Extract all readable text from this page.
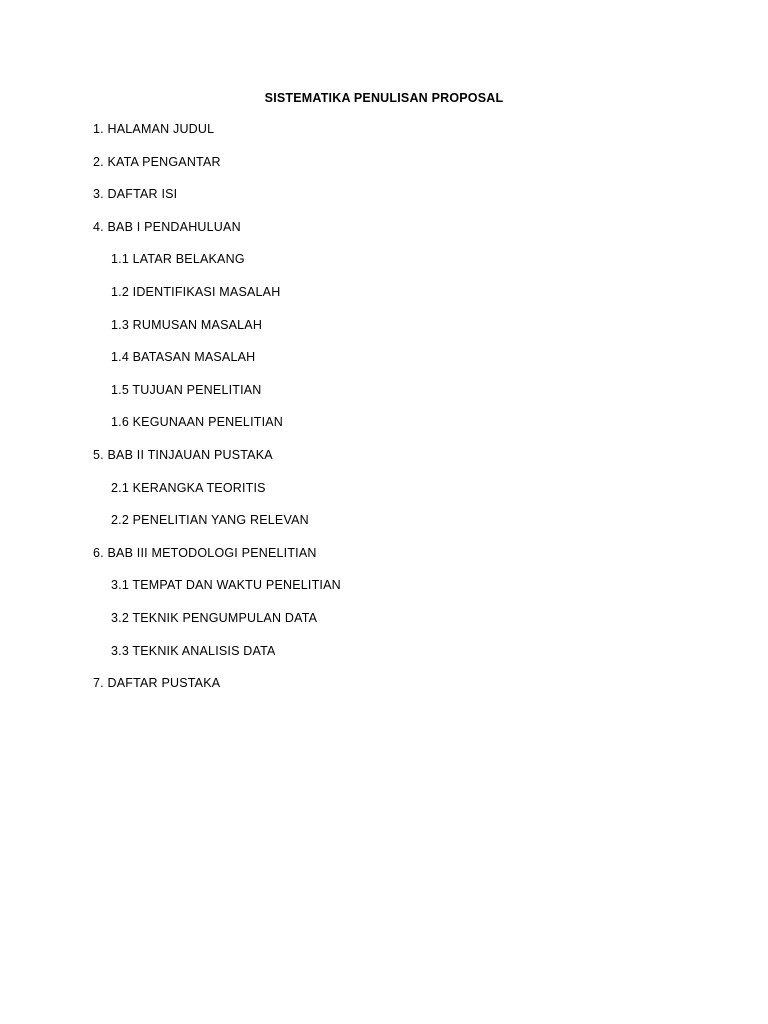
SISTEMATIKA PENULISAN PROPOSAL
1. HALAMAN JUDUL
2. KATA PENGANTAR
3. DAFTAR ISI
4. BAB I PENDAHULUAN
1.1 LATAR BELAKANG
1.2 IDENTIFIKASI MASALAH
1.3 RUMUSAN MASALAH
1.4 BATASAN MASALAH
1.5 TUJUAN PENELITIAN
1.6 KEGUNAAN PENELITIAN
5. BAB II TINJAUAN PUSTAKA
2.1 KERANGKA TEORITIS
2.2 PENELITIAN YANG RELEVAN
6. BAB III METODOLOGI PENELITIAN
3.1 TEMPAT DAN WAKTU PENELITIAN
3.2 TEKNIK PENGUMPULAN DATA
3.3 TEKNIK ANALISIS DATA
7. DAFTAR PUSTAKA
